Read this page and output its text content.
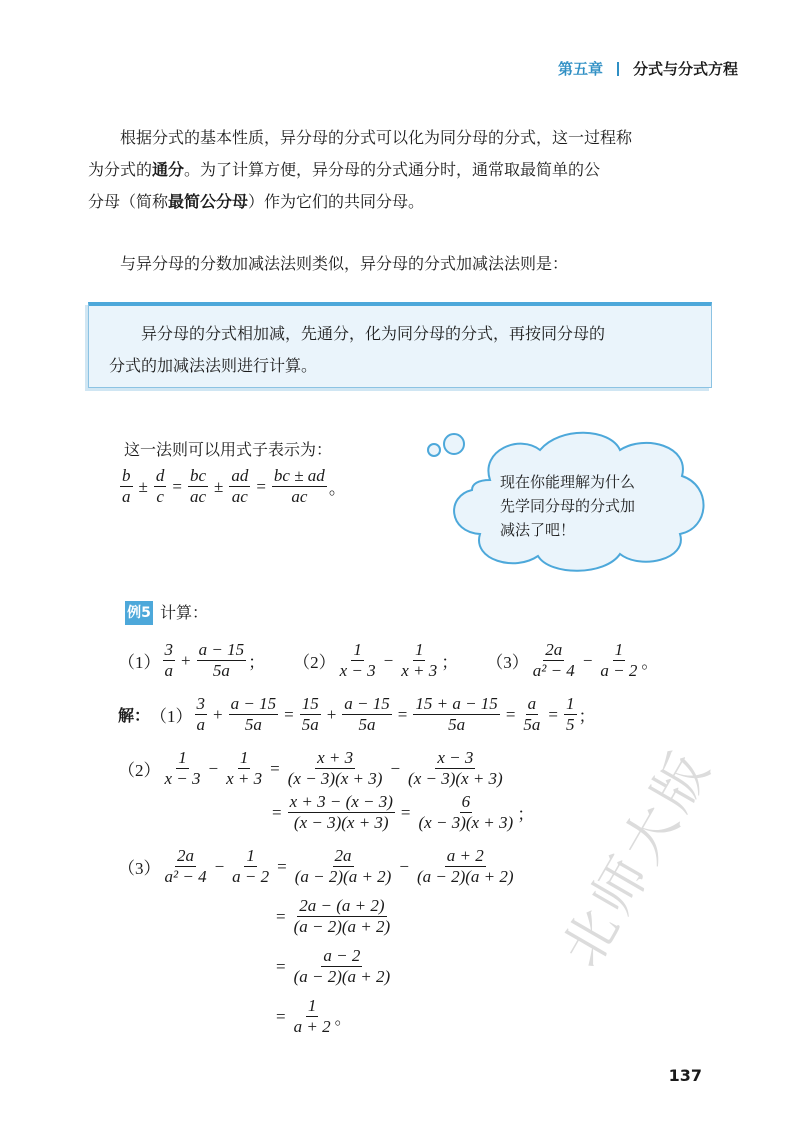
第五章 分式与分式方程
根据分式的基本性质，异分母的分式可以化为同分母的分式，这一过程称
为分式的通分。为了计算方便，异分母的分式通分时，通常取最简单的公
分母（简称最简公分母）作为它们的共同分母。
与异分母的分数加减法法则类似，异分母的分式加减法法则是：
异分母的分式相加减，先通分，化为同分母的分式，再按同分母的
分式的加减法法则进行计算。
这一法则可以用式子表示为：
$\frac{b}{a} \pm \frac{d}{c} = \frac{bc}{ac} \pm \frac{ad}{ac} = \frac{bc \pm ad}{ac}$ 。	现在你能理解为什么
先学同分母的分式加
减法了吧！
例5 计算：
$(1) \frac{3}{a} + \frac{a - 15}{5a}$ ； $(2) \frac{1}{x - 3} - \frac{1}{x + 3}$ ； $(3) \frac{2a}{\text{a² − 4}} - \frac{1}{a - 2}$ 。
解： $(1) \frac{3}{a} + \frac{a - 15}{5a} = \frac{15}{5a} + \frac{a - 15}{5a} = \frac{15 + a - 15}{5a} = \frac{a}{5a} = \frac{1}{5}$ ；
$(2) \frac{1}{x - 3} - \frac{1}{x + 3} = \frac{x + 3}{(x - 3)(x + 3)} - \frac{x - 3}{(x - 3)(x + 3)}$
= $\frac{x + 3 - (x - 3)}{(x - 3)(x + 3)} = \frac{6}{(x - 3)(x + 3)}$ ；
$(3) \frac{2a}{\text{a² − 4}} - \frac{1}{a - 2} = \frac{2a}{(a - 2)(a + 2)} - \frac{a + 2}{(a - 2)(a + 2)}$
= $\frac{2a - (a + 2)}{(a - 2)(a + 2)}$
= $\frac{a - 2}{(a - 2)(a + 2)}$
= $\frac{1}{a + 2}$ 。
北师大版
137
